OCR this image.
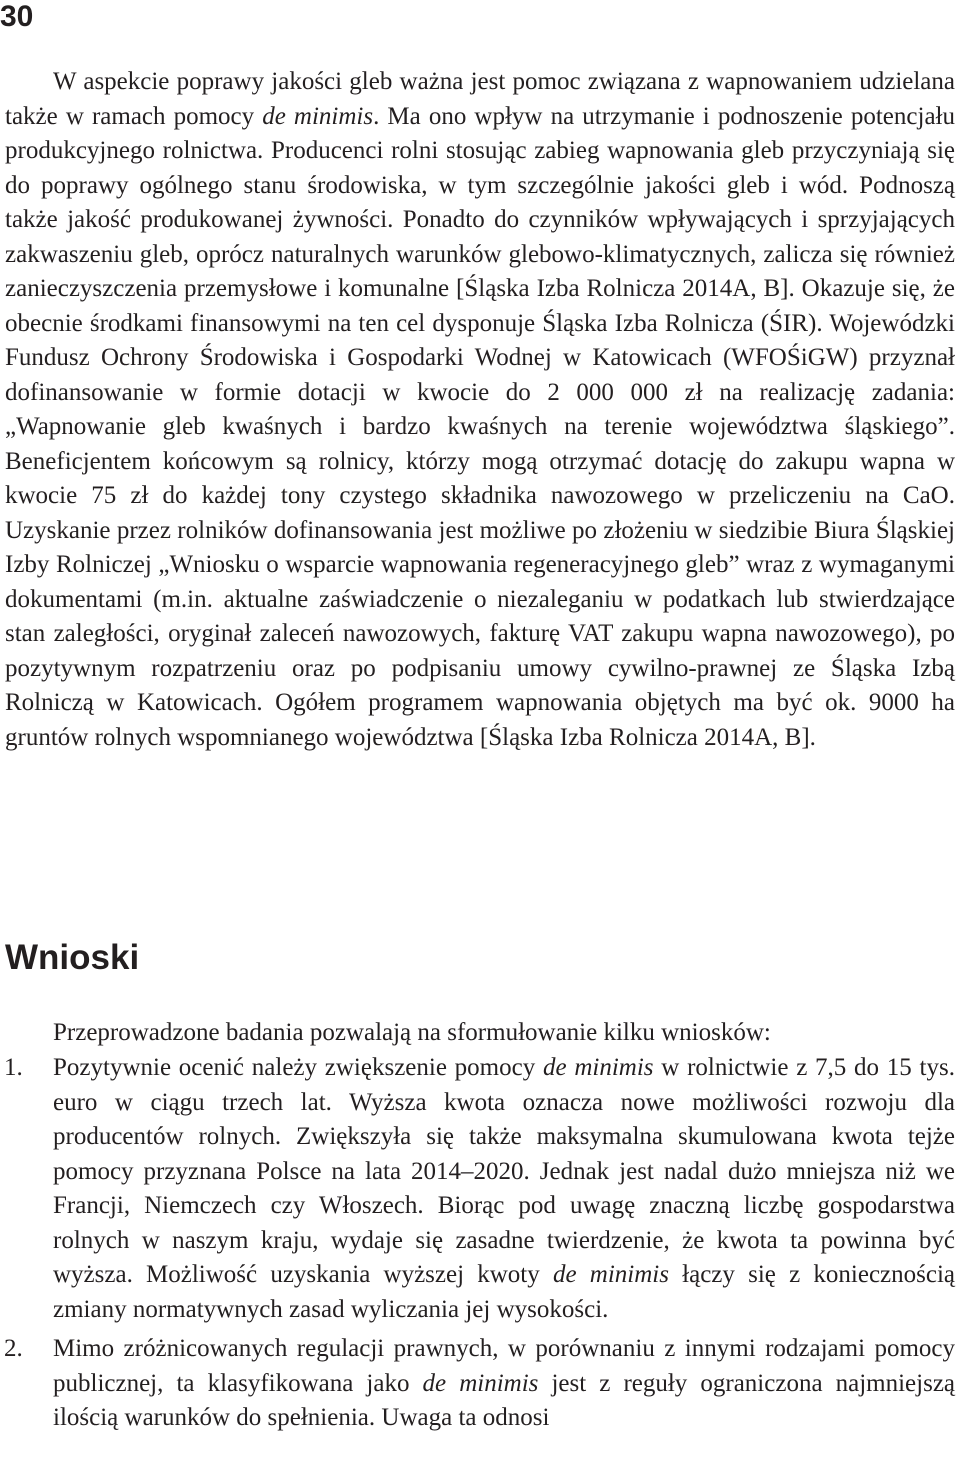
30

W aspekcie poprawy jakości gleb ważna jest pomoc związana z wapnowaniem udzielana także w ramach pomocy de minimis. Ma ono wpływ na utrzymanie i podnoszenie potencjału produkcyjnego rolnictwa. Producenci rolni stosując zabieg wapnowania gleb przyczyniają się do poprawy ogólnego stanu środowiska, w tym szczególnie jakości gleb i wód. Podnoszą także jakość produkowanej żywności. Ponadto do czynników wpływających i sprzyjających zakwaszeniu gleb, oprócz naturalnych warunków glebowo-klimatycznych, zalicza się również zanieczyszczenia przemysłowe i komunalne [Śląska Izba Rolnicza 2014A, B]. Okazuje się, że obecnie środkami finansowymi na ten cel dysponuje Śląska Izba Rolnicza (ŚIR). Wojewódzki Fundusz Ochrony Środowiska i Gospodarki Wodnej w Katowicach (WFOŚiGW) przyznał dofinansowanie w formie dotacji w kwocie do 2 000 000 zł na realizację zadania: „Wapnowanie gleb kwaśnych i bardzo kwaśnych na terenie województwa śląskiego”. Beneficjentem końcowym są rolnicy, którzy mogą otrzymać dotację do zakupu wapna w kwocie 75 zł do każdej tony czystego składnika nawozowego w przeliczeniu na CaO. Uzyskanie przez rolników dofinansowania jest możliwe po złożeniu w siedzibie Biura Śląskiej Izby Rolniczej „Wniosku o wsparcie wapnowania regeneracyjnego gleb” wraz z wymaganymi dokumentami (m.in. aktualne zaświadczenie o niezaleganiu w podatkach lub stwierdzające stan zaległości, oryginał zaleceń nawozowych, fakturę VAT zakupu wapna nawozowego), po pozytywnym rozpatrzeniu oraz po podpisaniu umowy cywilno-prawnej ze Śląska Izbą Rolniczą w Katowicach. Ogółem programem wapnowania objętych ma być ok. 9000 ha gruntów rolnych wspomnianego województwa [Śląska Izba Rolnicza 2014A, B].

Wnioski

Przeprowadzone badania pozwalają na sformułowanie kilku wniosków:

1. Pozytywnie ocenić należy zwiększenie pomocy de minimis w rolnictwie z 7,5 do 15 tys. euro w ciągu trzech lat. Wyższa kwota oznacza nowe możliwości rozwoju dla producentów rolnych. Zwiększyła się także maksymalna skumulowana kwota tejże pomocy przyznana Polsce na lata 2014–2020. Jednak jest nadal dużo mniejsza niż we Francji, Niemczech czy Włoszech. Biorąc pod uwagę znaczną liczbę gospodarstwa rolnych w naszym kraju, wydaje się zasadne twierdzenie, że kwota ta powinna być wyższa. Możliwość uzyskania wyższej kwoty de minimis łączy się z koniecznością zmiany normatywnych zasad wyliczania jej wysokości.
2. Mimo zróżnicowanych regulacji prawnych, w porównaniu z innymi rodzajami pomocy publicznej, ta klasyfikowana jako de minimis jest z reguły ograniczona najmniejszą ilością warunków do spełnienia. Uwaga ta odnosi
